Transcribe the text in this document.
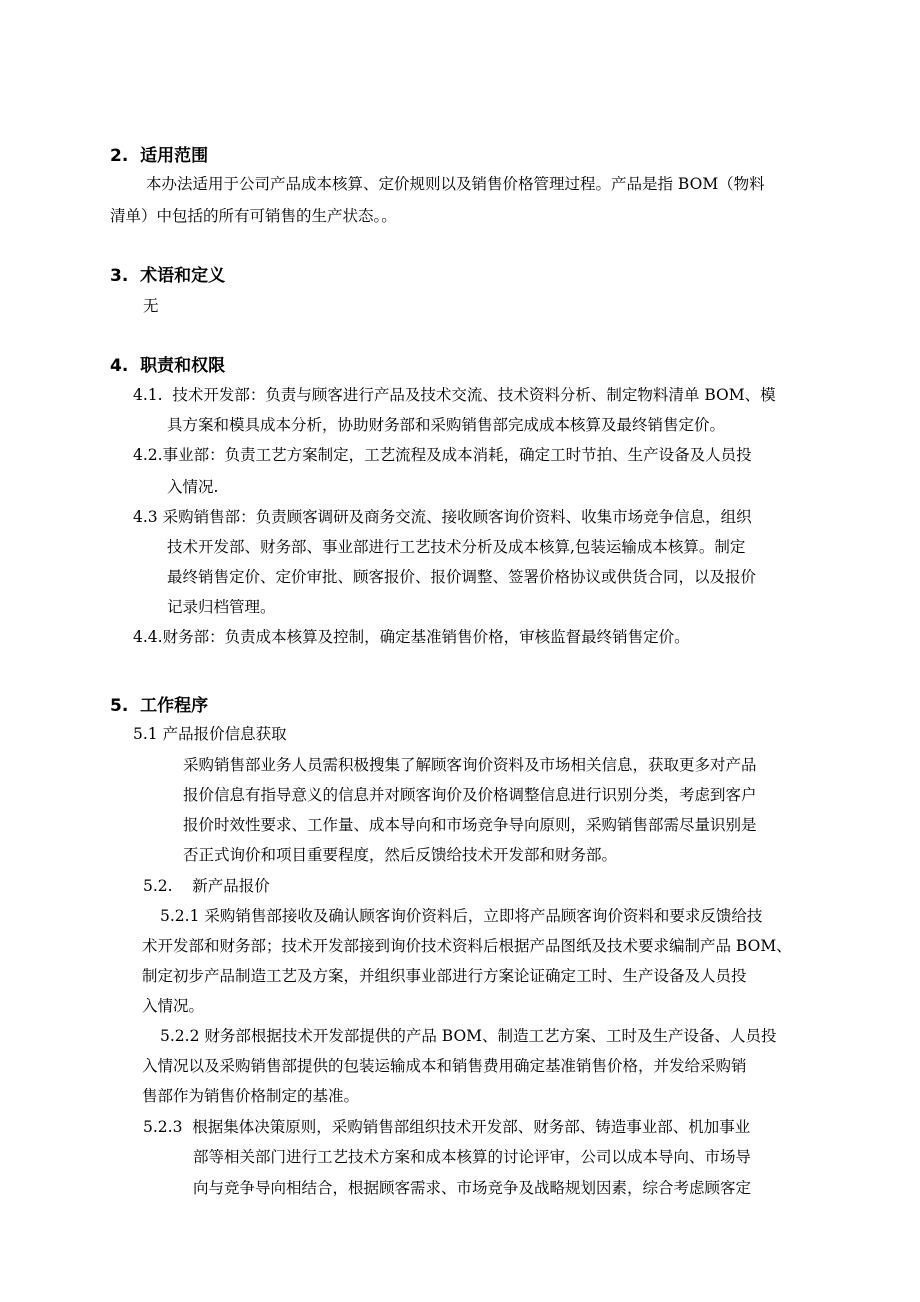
2.  适用范围
本办法适用于公司产品成本核算、定价规则以及销售价格管理过程。产品是指 BOM（物料
清单）中包括的所有可销售的生产状态。。
3.  术语和定义
无
4.  职责和权限
4.1.  技术开发部：负责与顾客进行产品及技术交流、技术资料分析、制定物料清单 BOM、模
具方案和模具成本分析，协助财务部和采购销售部完成成本核算及最终销售定价。
4.2.事业部：负责工艺方案制定，工艺流程及成本消耗，确定工时节拍、生产设备及人员投
入情况.
4.3 采购销售部：负责顾客调研及商务交流、接收顾客询价资料、收集市场竞争信息，组织
技术开发部、财务部、事业部进行工艺技术分析及成本核算,包装运输成本核算。制定
最终销售定价、定价审批、顾客报价、报价调整、签署价格协议或供货合同，以及报价
记录归档管理。
4.4.财务部：负责成本核算及控制，确定基准销售价格，审核监督最终销售定价。
5.  工作程序
5.1 产品报价信息获取
采购销售部业务人员需积极搜集了解顾客询价资料及市场相关信息，获取更多对产品
报价信息有指导意义的信息并对顾客询价及价格调整信息进行识别分类，考虑到客户
报价时效性要求、工作量、成本导向和市场竞争导向原则，采购销售部需尽量识别是
否正式询价和项目重要程度，然后反馈给技术开发部和财务部。
5.2.    新产品报价
5.2.1 采购销售部接收及确认顾客询价资料后，立即将产品顾客询价资料和要求反馈给技
术开发部和财务部；技术开发部接到询价技术资料后根据产品图纸及技术要求编制产品 BOM、
制定初步产品制造工艺及方案，并组织事业部进行方案论证确定工时、生产设备及人员投
入情况。
5.2.2 财务部根据技术开发部提供的产品 BOM、制造工艺方案、工时及生产设备、人员投
入情况以及采购销售部提供的包装运输成本和销售费用确定基准销售价格，并发给采购销
售部作为销售价格制定的基准。
5.2.3  根据集体决策原则，采购销售部组织技术开发部、财务部、铸造事业部、机加事业
部等相关部门进行工艺技术方案和成本核算的讨论评审，公司以成本导向、市场导
向与竞争导向相结合，根据顾客需求、市场竞争及战略规划因素，综合考虑顾客定
